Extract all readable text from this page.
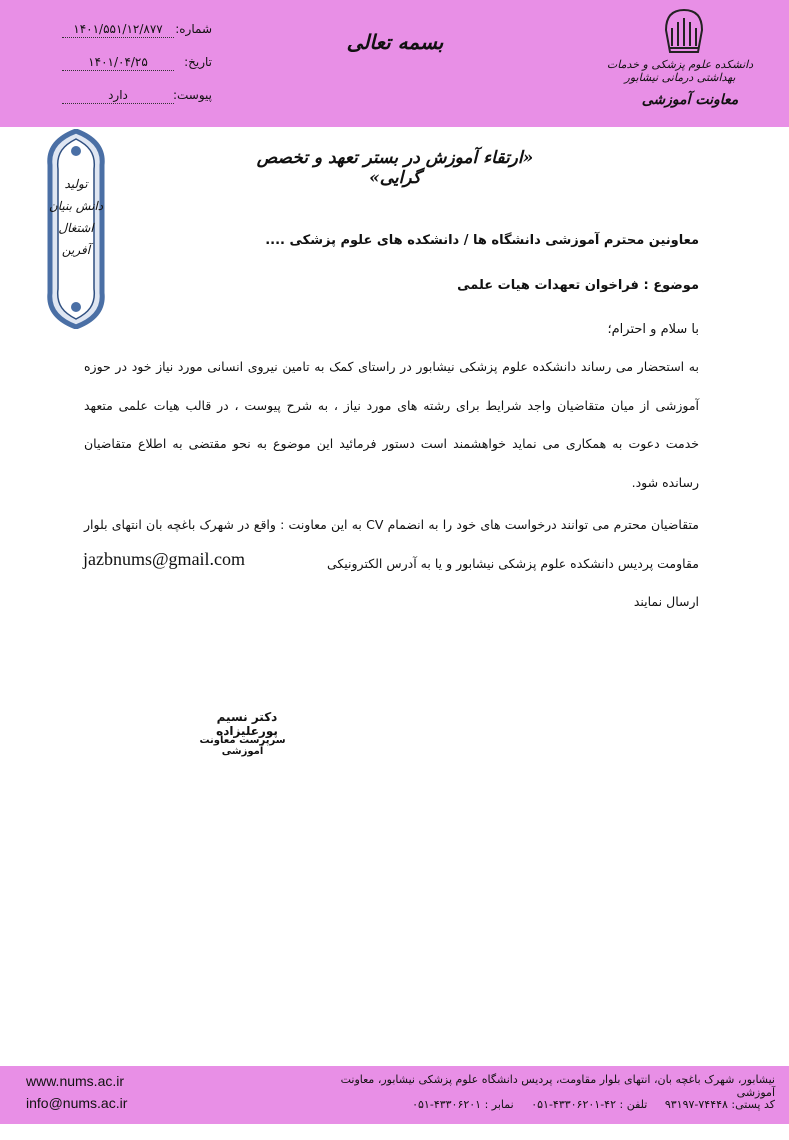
شماره:
۱۴۰۱/۵۵۱/۱۲/۸۷۷
تاریخ:
۱۴۰۱/۰۴/۲۵
پیوست:
دارد
بسمه تعالی
دانشکده علوم پزشکی و خدمات بهداشتی درمانی نیشابور
معاونت آموزشی
تولید
دانش بنیان
اشتغال آفرین
«ارتقاء آموزش در بستر تعهد و تخصص گرایی»
معاونین محترم آموزشی دانشگاه ها / دانشکده های علوم پزشکی ....
موضوع : فراخوان تعهدات هیات علمی
با سلام و احترام؛
به استحضار می رساند دانشکده علوم پزشکی نیشابور در راستای کمک به تامین نیروی انسانی مورد نیاز خود در حوزه آموزشی از میان متقاضیان واجد شرایط برای رشته های مورد نیاز ، به شرح پیوست ، در قالب هیات علمی متعهد خدمت دعوت به همکاری می نماید خواهشمند است دستور فرمائید این موضوع به نحو مقتضی به اطلاع متقاضیان رسانده شود.
متقاضیان محترم می توانند درخواست های خود را به انضمام CV به این معاونت : واقع در شهرک باغچه بان انتهای بلوار مقاومت پردیس دانشکده علوم پزشکی نیشابور و یا به آدرس الکترونیکی
ارسال نمایند
jazbnums@gmail.com
دکتر نسیم پورعلیزاده
سرپرست معاونت آموزشی
www.nums.ac.ir
info@nums.ac.ir
نیشابور، شهرک باغچه بان، انتهای بلوار مقاومت، پردیس دانشگاه علوم پزشکی نیشابور، معاونت آموزشی
کد پستی: ۷۴۴۴۸-۹۳۱۹۷ تلفن : ۴۲-۴۳۳۰۶۲۰۱-۰۵۱ نمابر : ۴۳۳۰۶۲۰۱-۰۵۱
